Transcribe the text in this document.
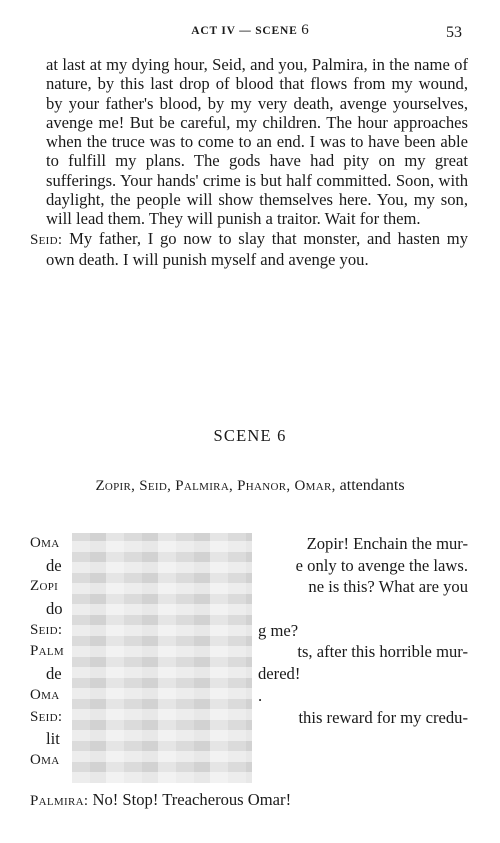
ACT IV — SCENE 6	53

at last at my dying hour, Seid, and you, Palmira, in the name of nature, by this last drop of blood that flows from my wound, by your father's blood, by my very death, avenge yourselves, avenge me! But be careful, my children. The hour approaches when the truce was to come to an end. I was to have been able to fulfill my plans. The gods have had pity on my great sufferings. Your hands' crime is but half committed. Soon, with daylight, the people will show themselves here. You, my son, will lead them. They will punish a traitor. Wait for them.

Seid: My father, I go now to slay that monster, and hasten my own death. I will punish myself and avenge you.

SCENE 6
Zopir, Seid, Palmira, Phanor, Omar, attendants
Oma	Zopir! Enchain the mur-
de	e only to avenge the laws.
Zopi	ne is this? What are you
do
Seid:	g me?
Palm	ts, after this horrible mur-
de	dered!
Oma	.
Seid:	this reward for my credu-
lit
Oma
Palmira: No! Stop! Treacherous Omar!
